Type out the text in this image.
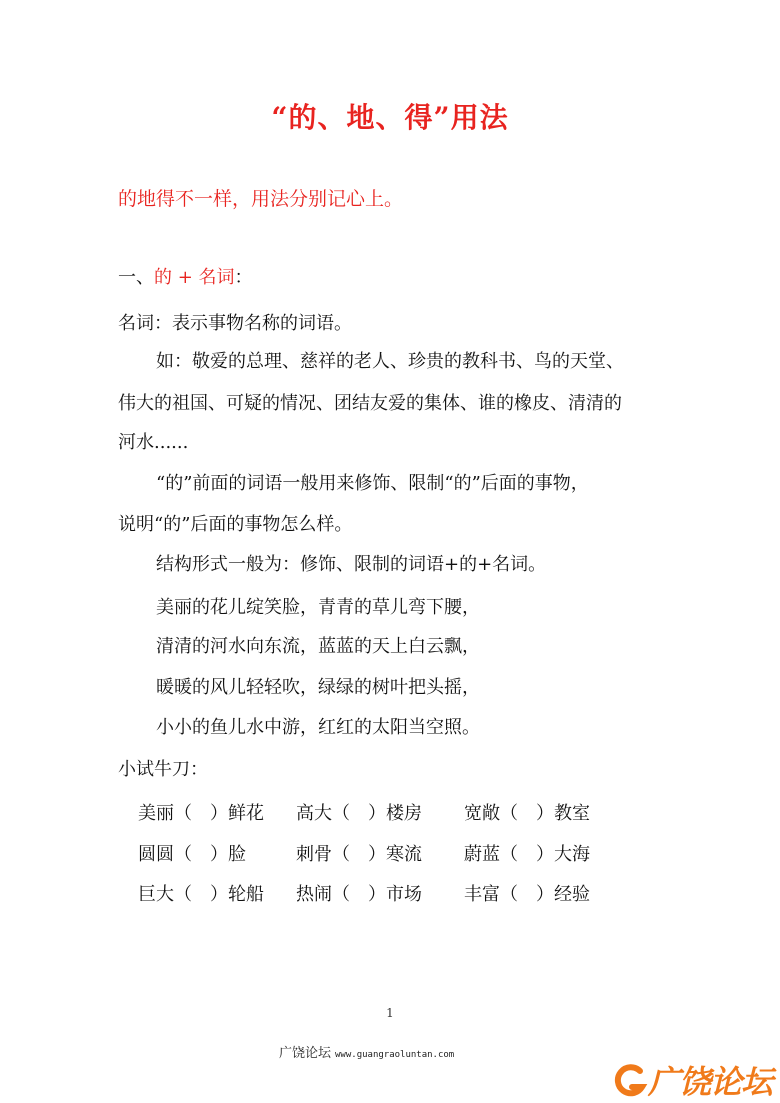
“的、地、得”用法
的地得不一样，用法分别记心上。
一、的 + 名词：
名词：表示事物名称的词语。
如：敬爱的总理、慈祥的老人、珍贵的教科书、鸟的天堂、
伟大的祖国、可疑的情况、团结友爱的集体、谁的橡皮、清清的
河水......
“的”前面的词语一般用来修饰、限制“的”后面的事物，
说明“的”后面的事物怎么样。
结构形式一般为：修饰、限制的词语+的+名词。
美丽的花儿绽笑脸，青青的草儿弯下腰，
清清的河水向东流，蓝蓝的天上白云飘，
暖暖的风儿轻轻吹，绿绿的树叶把头摇，
小小的鱼儿水中游，红红的太阳当空照。
小试牛刀：
美丽（　）鲜花 高大（　）楼房 宽敞（　）教室
圆圆（　）脸	刺骨（　）寒流 蔚蓝（　）大海
巨大（　）轮船 热闹（　）市场 丰富（　）经验
1
广饶论坛 www.guangraoluntan.com
广饶论坛
